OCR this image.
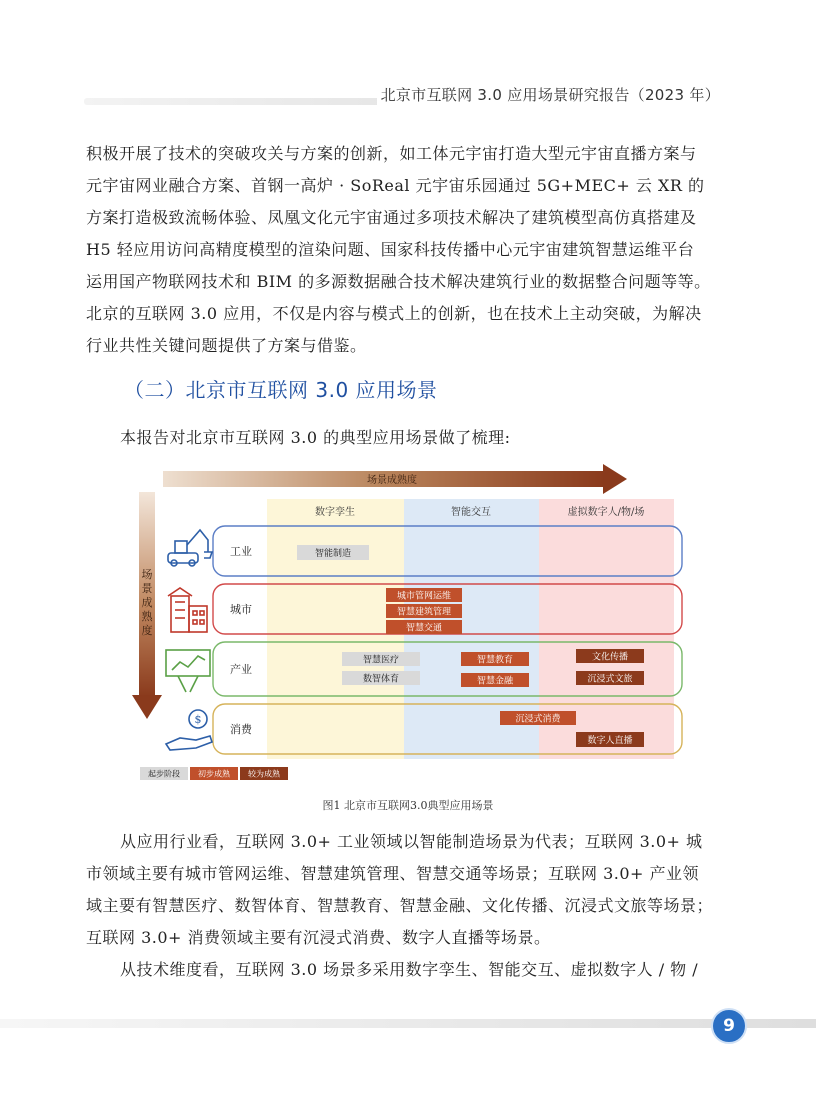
北京市互联网 3.0 应用场景研究报告（2023 年）

积极开展了技术的突破攻关与方案的创新，如工体元宇宙打造大型元宇宙直播方案与
元宇宙网业融合方案、首钢一高炉 · SoReal 元宇宙乐园通过 5G+MEC+ 云 XR 的
方案打造极致流畅体验、凤凰文化元宇宙通过多项技术解决了建筑模型高仿真搭建及
H5 轻应用访问高精度模型的渲染问题、国家科技传播中心元宇宙建筑智慧运维平台
运用国产物联网技术和 BIM 的多源数据融合技术解决建筑行业的数据整合问题等等。
北京的互联网 3.0 应用，不仅是内容与模式上的创新，也在技术上主动突破，为解决
行业共性关键问题提供了方案与借鉴。

（二）北京市互联网 3.0 应用场景

本报告对北京市互联网 3.0 的典型应用场景做了梳理:

场景成熟度
场
景
成
熟
度
数字孪生	智能交互	虚拟数字人/物/场
工业
城市
产业
消费
$
智能制造
城市管网运维
智慧建筑管理
智慧交通
智慧医疗
数智体育
智慧教育
智慧金融
文化传播
沉浸式文旅
沉浸式消费
数字人直播
起步阶段 初步成熟 较为成熟
图1 北京市互联网3.0典型应用场景

从应用行业看，互联网 3.0+ 工业领域以智能制造场景为代表；互联网 3.0+ 城
市领域主要有城市管网运维、智慧建筑管理、智慧交通等场景；互联网 3.0+ 产业领
域主要有智慧医疗、数智体育、智慧教育、智慧金融、文化传播、沉浸式文旅等场景；
互联网 3.0+ 消费领域主要有沉浸式消费、数字人直播等场景。
从技术维度看，互联网 3.0 场景多采用数字孪生、智能交互、虚拟数字人 / 物 /

9
